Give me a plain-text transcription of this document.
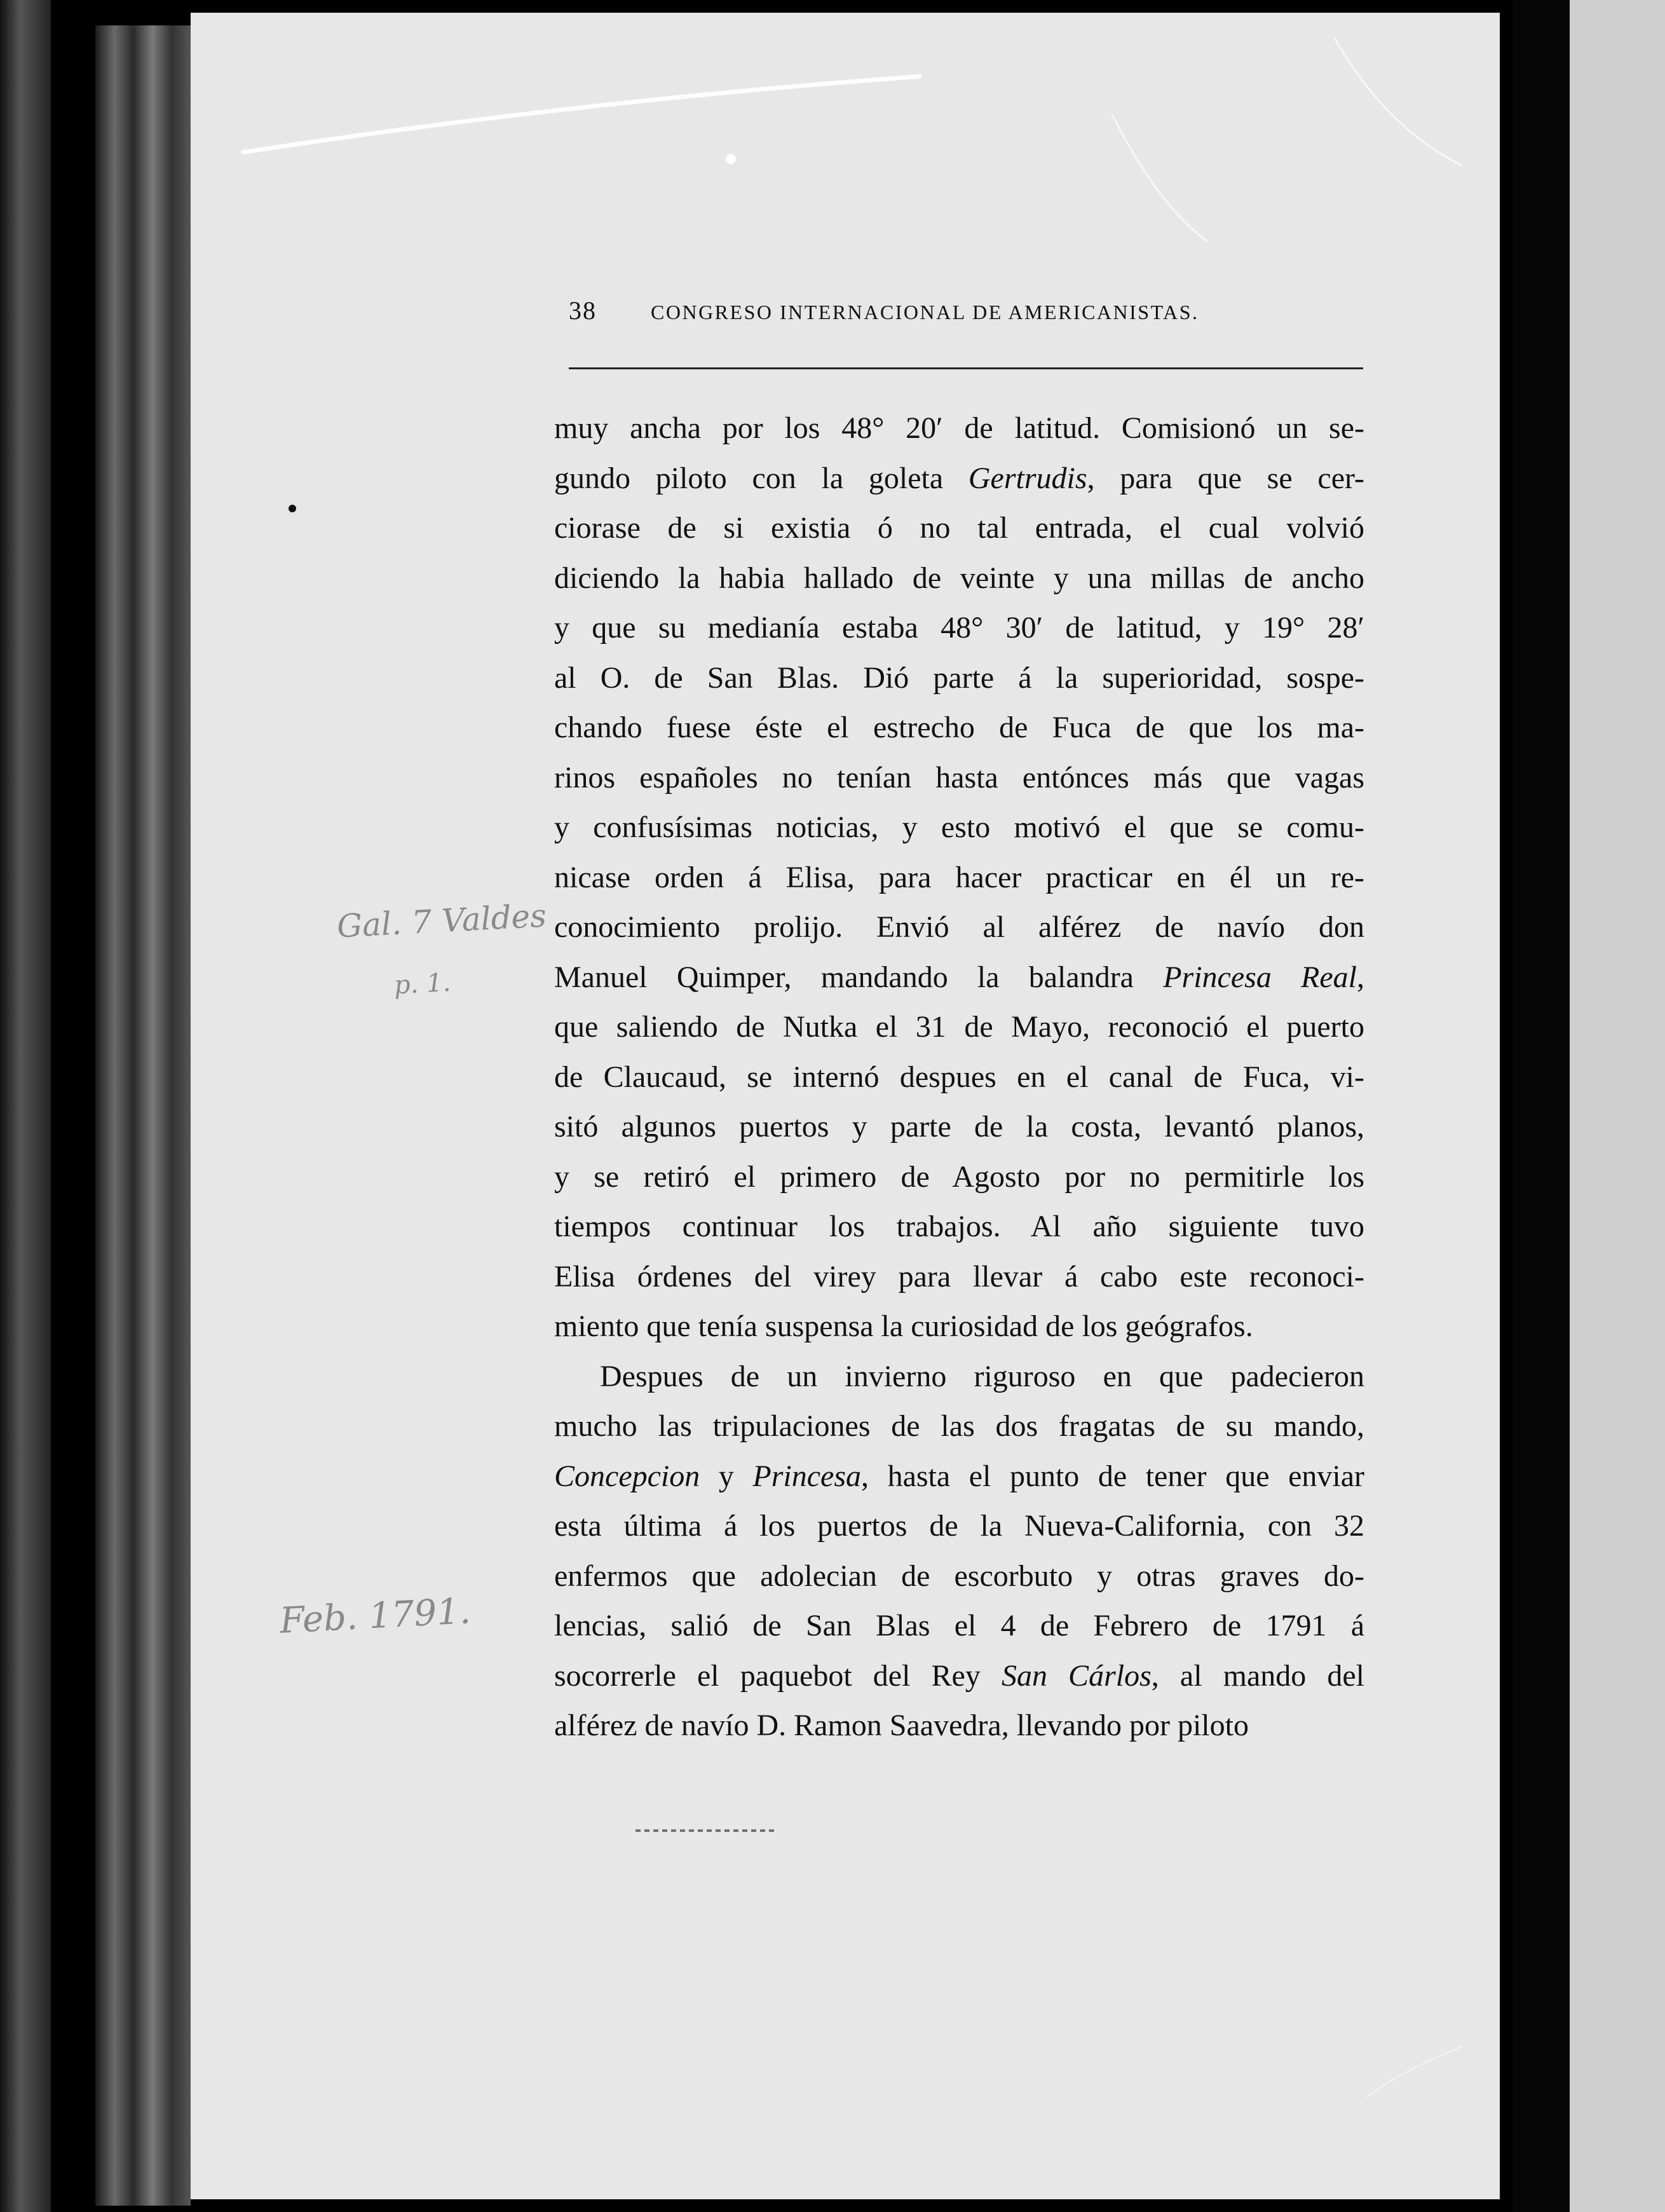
38	CONGRESO INTERNACIONAL DE AMERICANISTAS.
muy ancha por los 48° 20′ de latitud. Comisionó un se-
gundo piloto con la goleta Gertrudis, para que se cer-
ciorase de si existia ó no tal entrada, el cual volvió
diciendo la habia hallado de veinte y una millas de ancho
y que su medianía estaba 48° 30′ de latitud, y 19° 28′
al O. de San Blas. Dió parte á la superioridad, sospe-
chando fuese éste el estrecho de Fuca de que los ma-
rinos españoles no tenían hasta entónces más que vagas
y confusísimas noticias, y esto motivó el que se comu-
nicase orden á Elisa, para hacer practicar en él un re-
conocimiento prolijo. Envió al alférez de navío don
Manuel Quimper, mandando la balandra Princesa Real,
que saliendo de Nutka el 31 de Mayo, reconoció el puerto
de Claucaud, se internó despues en el canal de Fuca, vi-
sitó algunos puertos y parte de la costa, levantó planos,
y se retiró el primero de Agosto por no permitirle los
tiempos continuar los trabajos. Al año siguiente tuvo
Elisa órdenes del virey para llevar á cabo este reconoci-
miento que tenía suspensa la curiosidad de los geógrafos.
Despues de un invierno riguroso en que padecieron
mucho las tripulaciones de las dos fragatas de su mando,
Concepcion y Princesa, hasta el punto de tener que enviar
esta última á los puertos de la Nueva-California, con 32
enfermos que adolecian de escorbuto y otras graves do-
lencias, salió de San Blas el 4 de Febrero de 1791 á
socorrerle el paquebot del Rey San Cárlos, al mando del
alférez de navío D. Ramon Saavedra, llevando por piloto
Gal. 7 Valdes
p. 1.
Feb. 1791.
